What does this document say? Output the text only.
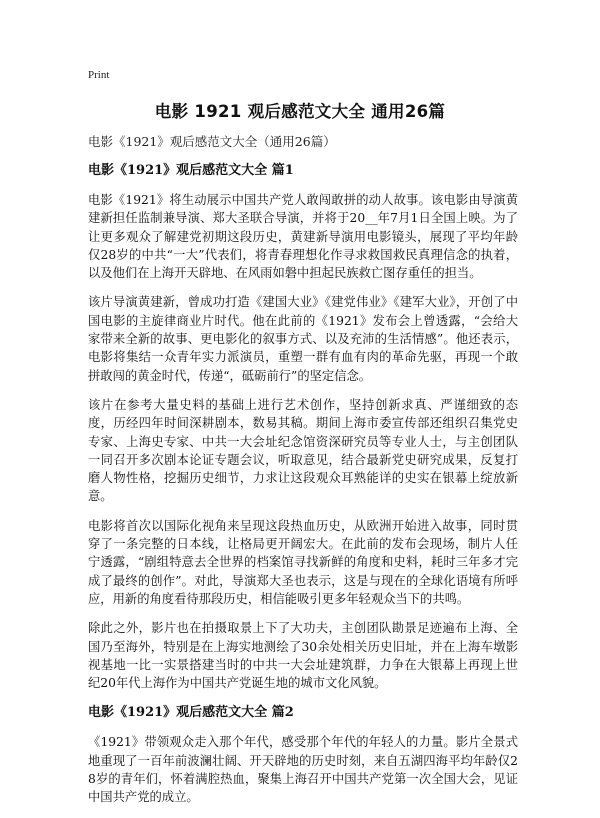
Print
电影 1921 观后感范文大全 通用26篇

电影《1921》观后感范文大全（通用26篇）

电影《1921》观后感范文大全 篇1

电影《1921》将生动展示中国共产党人敢闯敢拼的动人故事。该电影由导演黄建新担任监制兼导演、郑大圣联合导演，并将于20__年7月1日全国上映。为了让更多观众了解建党初期这段历史，黄建新导演用电影镜头，展现了平均年龄仅28岁的中共“一大”代表们，将青春理想化作寻求救国救民真理信念的执着，以及他们在上海开天辟地、在风雨如磐中担起民族救亡图存重任的担当。

该片导演黄建新，曾成功打造《建国大业》《建党伟业》《建军大业》，开创了中国电影的主旋律商业片时代。他在此前的《1921》发布会上曾透露，“会给大家带来全新的故事、更电影化的叙事方式、以及充沛的生活情感”。他还表示，电影将集结一众青年实力派演员，重塑一群有血有肉的革命先驱，再现一个敢拼敢闯的黄金时代，传递“，砥砺前行”的坚定信念。

该片在参考大量史料的基础上进行艺术创作，坚持创新求真、严谨细致的态度，历经四年时间深耕剧本，数易其稿。期间上海市委宣传部还组织召集党史专家、上海史专家、中共一大会址纪念馆资深研究员等专业人士，与主创团队一同召开多次剧本论证专题会议，听取意见，结合最新党史研究成果，反复打磨人物性格，挖掘历史细节，力求让这段观众耳熟能详的史实在银幕上绽放新意。

电影将首次以国际化视角来呈现这段热血历史，从欧洲开始进入故事，同时贯穿了一条完整的日本线，让格局更开阔宏大。在此前的发布会现场，制片人任宁透露，“剧组特意去全世界的档案馆寻找新鲜的角度和史料，耗时三年多才完成了最终的创作”。对此，导演郑大圣也表示，这是与现在的全球化语境有所呼应，用新的角度看待那段历史，相信能吸引更多年轻观众当下的共鸣。

除此之外，影片也在拍摄取景上下了大功夫，主创团队勘景足迹遍布上海、全国乃至海外，特别是在上海实地测绘了30余处相关历史旧址，并在上海车墩影视基地一比一实景搭建当时的中共一大会址建筑群，力争在大银幕上再现上世纪20年代上海作为中国共产党诞生地的城市文化风貌。

电影《1921》观后感范文大全 篇2

《1921》带领观众走入那个年代，感受那个年代的年轻人的力量。影片全景式地重现了一百年前波澜壮阔、开天辟地的历史时刻，来自五湖四海平均年龄仅28岁的青年们，怀着满腔热血，聚集上海召开中国共产党第一次全国大会，见证中国共产党的成立。
